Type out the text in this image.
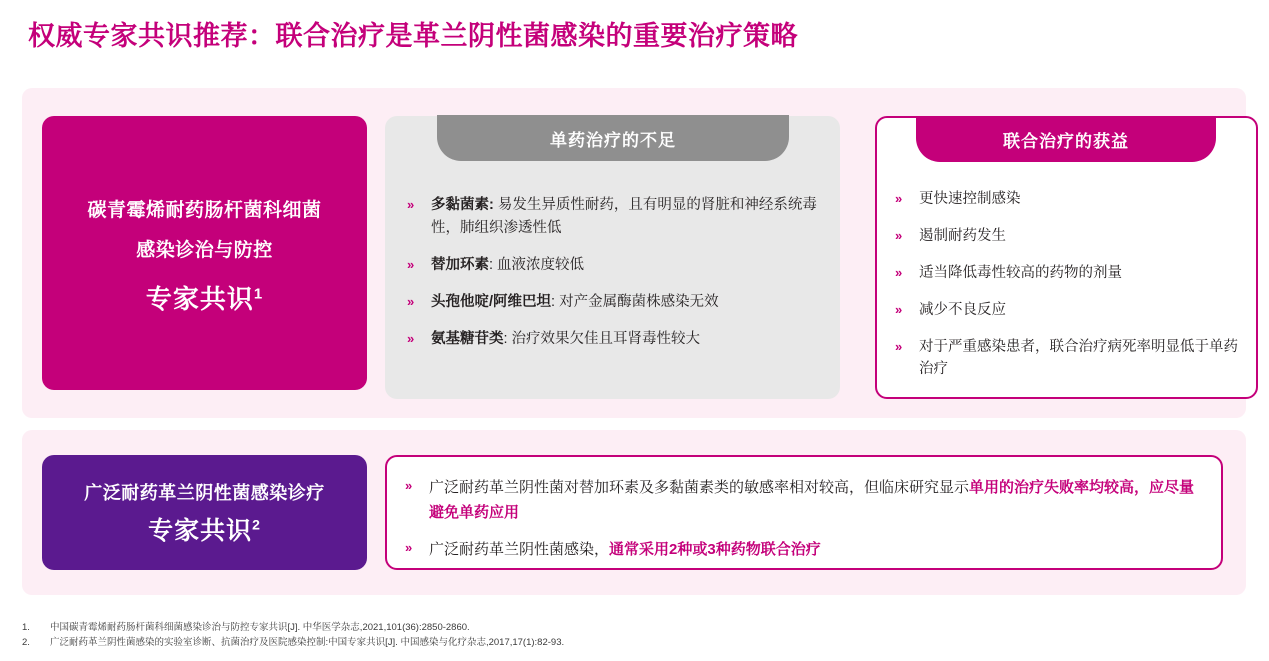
权威专家共识推荐：联合治疗是革兰阴性菌感染的重要治疗策略
碳青霉烯耐药肠杆菌科细菌
感染诊治与防控
专家共识$^1$
单药治疗的不足
»	多黏菌素: 易发生异质性耐药，且有明显的肾脏和神经系统毒性，肺组织渗透性低
»	替加环素: 血液浓度较低
»	头孢他啶/阿维巴坦: 对产金属酶菌株感染无效
»	氨基糖苷类: 治疗效果欠佳且耳肾毒性较大
联合治疗的获益
»	更快速控制感染
»	遏制耐药发生
»	适当降低毒性较高的药物的剂量
»	减少不良反应
»	对于严重感染患者，联合治疗病死率明显低于单药治疗
广泛耐药革兰阴性菌感染诊疗
专家共识$^2$
»	广泛耐药革兰阴性菌对替加环素及多黏菌素类的敏感率相对较高，但临床研究显示单用的治疗失败率均较高，应尽量避免单药应用
»	广泛耐药革兰阴性菌感染，通常采用2种或3种药物联合治疗
1.	中国碳青霉烯耐药肠杆菌科细菌感染诊治与防控专家共识[J]. 中华医学杂志,2021,101(36):2850-2860.
2.	广泛耐药革兰阴性菌感染的实验室诊断、抗菌治疗及医院感染控制:中国专家共识[J]. 中国感染与化疗杂志,2017,17(1):82-93.
